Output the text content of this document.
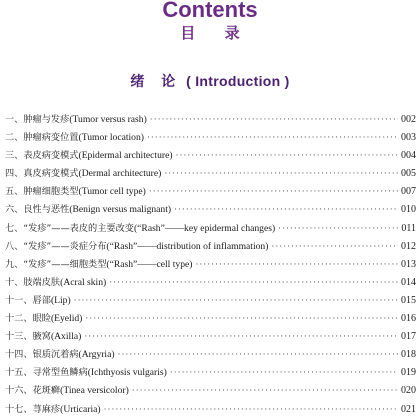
Contents
目 录
绪 论 ( Introduction )
一、 肿瘤与发疹(Tumor versus rash) ·····	002
二、 肿瘤病变位置(Tumor location) ·····	003
三、 表皮病变模式(Epidermal architecture) ·····	004
四、 真皮病变模式(Dermal architecture) ·····	005
五、 肿瘤细胞类型(Tumor cell type) ·····	007
六、 良性与恶性(Benign versus malignant) ·····	010
七、 “发疹”——表皮的主要改变(“Rash”——key epidermal changes) ·····	011
八、 “发疹”——炎症分布(“Rash”——distribution of inflammation) ·····	012
九、 “发疹”——细胞类型(“Rash”——cell type) ·····	013
十、 肢端皮肤(Acral skin) ·····	014
十一、 唇部(Lip) ·····	015
十二、 眼睑(Eyelid) ·····	016
十三、 腋窝(Axilla) ·····	017
十四、 银质沉着病(Argyria) ·····	018
十五、 寻常型鱼鳞病(Ichthyosis vulgaris) ·····	019
十六、 花斑癣(Tinea versicolor) ·····	020
十七、 荨麻疹(Urticaria) ·····	021
